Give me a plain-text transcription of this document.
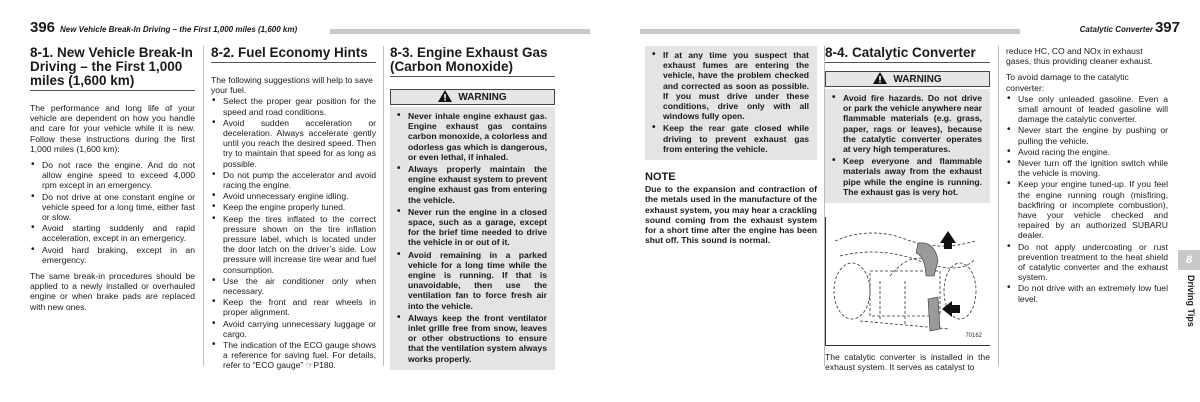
396 New Vehicle Break-In Driving – the First 1,000 miles (1,600 km)
8-1. New Vehicle Break-In Driving – the First 1,000 miles (1,600 km)

The performance and long life of your vehicle are dependent on how you handle and care for your vehicle while it is new. Follow these instructions during the first 1,000 miles (1,600 km):

• Do not race the engine. And do not allow engine speed to exceed 4,000 rpm except in an emergency.
• Do not drive at one constant engine or vehicle speed for a long time, either fast or slow.
• Avoid starting suddenly and rapid acceleration, except in an emergency.
• Avoid hard braking, except in an emergency.

The same break-in procedures should be applied to a newly installed or overhauled engine or when brake pads are replaced with new ones.

8-2. Fuel Economy Hints

The following suggestions will help to save your fuel.

• Select the proper gear position for the speed and road conditions.
• Avoid sudden acceleration or deceleration. Always accelerate gently until you reach the desired speed. Then try to maintain that speed for as long as possible.
• Do not pump the accelerator and avoid racing the engine.
• Avoid unnecessary engine idling.
• Keep the engine properly tuned.
• Keep the tires inflated to the correct pressure shown on the tire inflation pressure label, which is located under the door latch on the driver’s side. Low pressure will increase tire wear and fuel consumption.
• Use the air conditioner only when necessary.
• Keep the front and rear wheels in proper alignment.
• Avoid carrying unnecessary luggage or cargo.
• The indication of the ECO gauge shows a reference for saving fuel. For details, refer to “ECO gauge” ☞P180.
8-3. Engine Exhaust Gas (Carbon Monoxide)
WARNING
• Never inhale engine exhaust gas. Engine exhaust gas contains carbon monoxide, a colorless and odorless gas which is dangerous, or even lethal, if inhaled.
• Always properly maintain the engine exhaust system to prevent engine exhaust gas from entering the vehicle.
• Never run the engine in a closed space, such as a garage, except for the brief time needed to drive the vehicle in or out of it.
• Avoid remaining in a parked vehicle for a long time while the engine is running. If that is unavoidable, then use the ventilation fan to force fresh air into the vehicle.
• Always keep the front ventilator inlet grille free from snow, leaves or other obstructions to ensure that the ventilation system always works properly.
Catalytic Converter 397
• If at any time you suspect that exhaust fumes are entering the vehicle, have the problem checked and corrected as soon as possible. If you must drive under these conditions, drive only with all windows fully open.
• Keep the rear gate closed while driving to prevent exhaust gas from entering the vehicle.
NOTE
Due to the expansion and contraction of the metals used in the manufacture of the exhaust system, you may hear a crackling sound coming from the exhaust system for a short time after the engine has been shut off. This sound is normal.
8-4. Catalytic Converter
WARNING
• Avoid fire hazards. Do not drive or park the vehicle anywhere near flammable materials (e.g. grass, paper, rags or leaves), because the catalytic converter operates at very high temperatures.
• Keep everyone and flammable materials away from the exhaust pipe while the engine is running. The exhaust gas is very hot.
70162

The catalytic converter is installed in the exhaust system. It serves as catalyst to

reduce HC, CO and NOx in exhaust gases, thus providing cleaner exhaust.

To avoid damage to the catalytic converter:

• Use only unleaded gasoline. Even a small amount of leaded gasoline will damage the catalytic converter.
• Never start the engine by pushing or pulling the vehicle.
• Avoid racing the engine.
• Never turn off the ignition switch while the vehicle is moving.
• Keep your engine tuned-up. If you feel the engine running rough (misfiring, backfiring or incomplete combustion), have your vehicle checked and repaired by an authorized SUBARU dealer.
• Do not apply undercoating or rust prevention treatment to the heat shield of catalytic converter and the exhaust system.
• Do not drive with an extremely low fuel level.
8
Driving Tips
